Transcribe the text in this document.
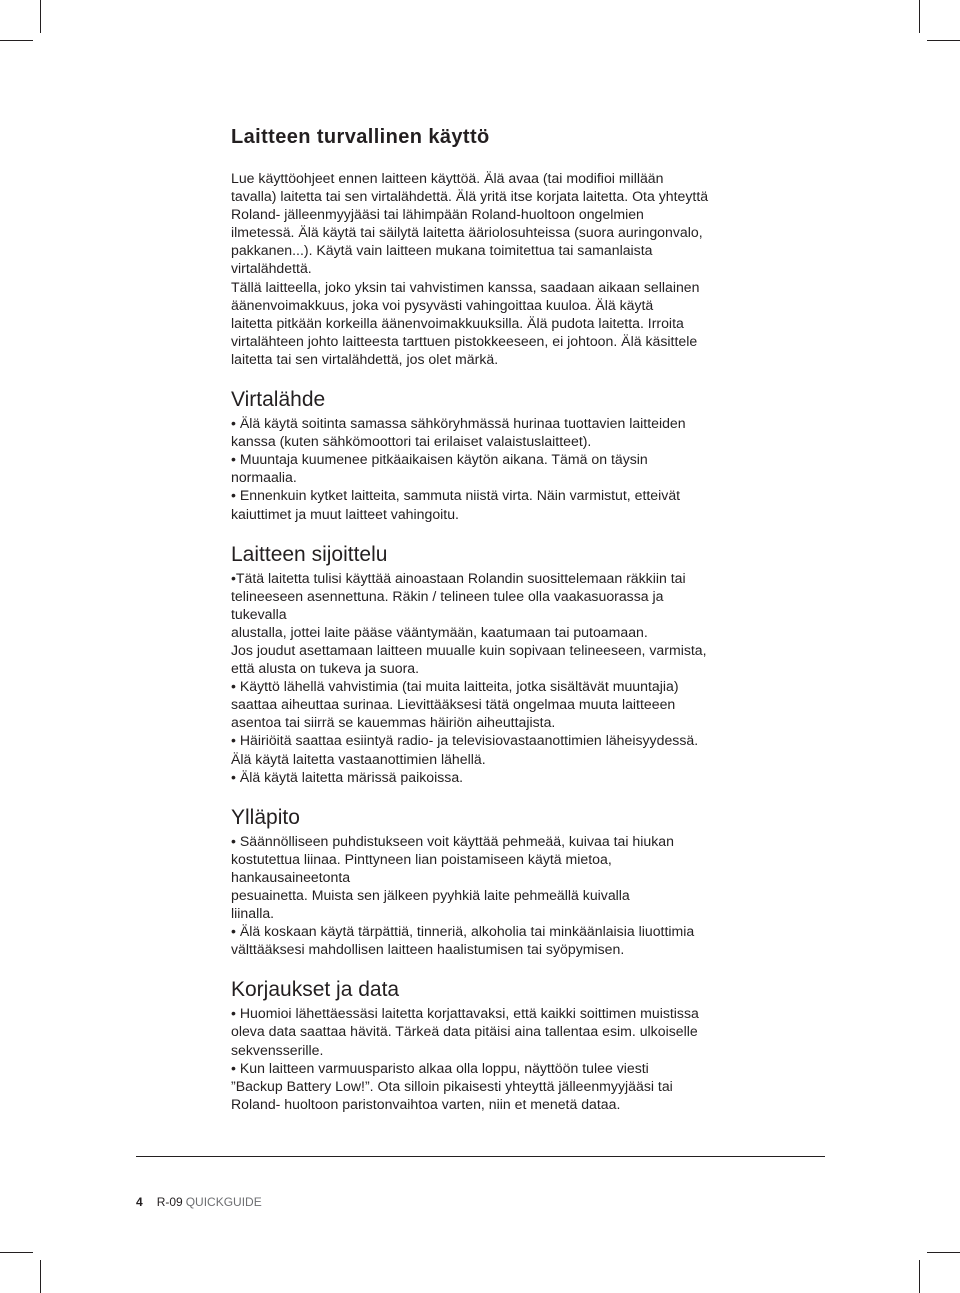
Laitteen turvallinen käyttö

Lue käyttöohjeet ennen laitteen käyttöä. Älä avaa (tai modifioi millään

tavalla) laitetta tai sen virtalähdettä. Älä yritä itse korjata laitetta. Ota yhteyttä

Roland- jälleenmyyjääsi tai lähimpään Roland-huoltoon ongelmien

ilmetessä. Älä käytä tai säilytä laitetta ääriolosuhteissa (suora auringonvalo,

pakkanen...). Käytä vain laitteen mukana toimitettua tai samanlaista

virtalähdettä.

Tällä laitteella, joko yksin tai vahvistimen kanssa, saadaan aikaan sellainen

äänenvoimakkuus, joka voi pysyvästi vahingoittaa kuuloa. Älä käytä

laitetta pitkään korkeilla äänenvoimakkuuksilla. Älä pudota laitetta. Irroita

virtalähteen johto laitteesta tarttuen pistokkeeseen, ei johtoon. Älä käsittele

laitetta tai sen virtalähdettä, jos olet märkä.

Virtalähde

• Älä käytä soitinta samassa sähköryhmässä hurinaa tuottavien laitteiden

kanssa (kuten sähkömoottori tai erilaiset valaistuslaitteet).

• Muuntaja kuumenee pitkäaikaisen käytön aikana. Tämä on täysin

normaalia.

• Ennenkuin kytket laitteita, sammuta niistä virta. Näin varmistut, etteivät

kaiuttimet ja muut laitteet vahingoitu.

Laitteen sijoittelu

•Tätä laitetta tulisi käyttää ainoastaan Rolandin suosittelemaan räkkiin tai

telineeseen asennettuna. Räkin / telineen tulee olla vaakasuorassa ja

tukevalla

alustalla, jottei laite pääse vääntymään, kaatumaan tai putoamaan.

Jos joudut asettamaan laitteen muualle kuin sopivaan telineeseen, varmista,

että alusta on tukeva ja suora.

• Käyttö lähellä vahvistimia (tai muita laitteita, jotka sisältävät muuntajia)

saattaa aiheuttaa surinaa. Lievittääksesi tätä ongelmaa muuta laitteeen

asentoa tai siirrä se kauemmas häiriön aiheuttajista.

• Häiriöitä saattaa esiintyä radio- ja televisiovastaanottimien läheisyydessä.

Älä käytä laitetta vastaanottimien lähellä.

• Älä käytä laitetta märissä paikoissa.

Ylläpito

• Säännölliseen puhdistukseen voit käyttää pehmeää, kuivaa tai hiukan

kostutettua liinaa. Pinttyneen lian poistamiseen käytä mietoa,

hankausaineetonta

pesuainetta. Muista sen jälkeen pyyhkiä laite pehmeällä kuivalla

liinalla.

• Älä koskaan käytä tärpättiä, tinneriä, alkoholia tai minkäänlaisia liuottimia

välttääksesi mahdollisen laitteen haalistumisen tai syöpymisen.

Korjaukset ja data

• Huomioi lähettäessäsi laitetta korjattavaksi, että kaikki soittimen muistissa

oleva data saattaa hävitä. Tärkeä data pitäisi aina tallentaa esim. ulkoiselle

sekvensserille.

• Kun laitteen varmuusparisto alkaa olla loppu, näyttöön tulee viesti

”Backup Battery Low!”. Ota silloin pikaisesti yhteyttä jälleenmyyjääsi tai

Roland- huoltoon paristonvaihtoa varten, niin et menetä dataa.

4 R-09 QUICKGUIDE
